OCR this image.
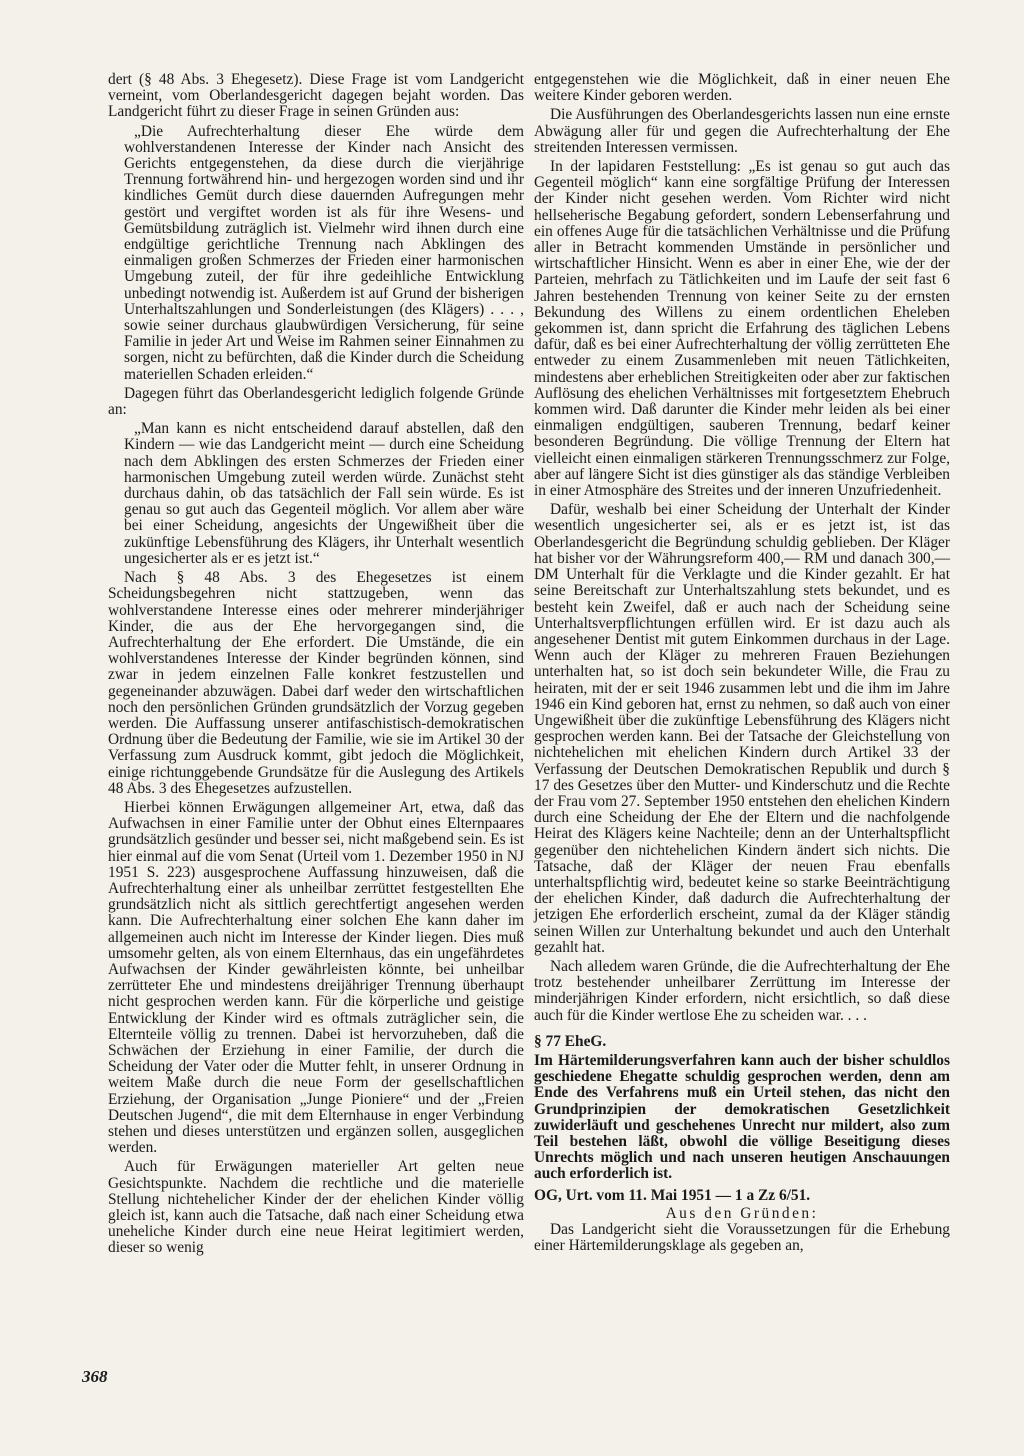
dert (§ 48 Abs. 3 Ehegesetz). Diese Frage ist vom Landgericht verneint, vom Oberlandesgericht dagegen bejaht worden. Das Landgericht führt zu dieser Frage in seinen Gründen aus:

„Die Aufrechterhaltung dieser Ehe würde dem wohlverstandenen Interesse der Kinder nach Ansicht des Gerichts entgegenstehen, da diese durch die vierjährige Trennung fortwährend hin- und hergezogen worden sind und ihr kindliches Gemüt durch diese dauernden Aufregungen mehr gestört und vergiftet worden ist als für ihre Wesens- und Gemütsbildung zuträglich ist. Vielmehr wird ihnen durch eine endgültige gerichtliche Trennung nach Abklingen des einmaligen großen Schmerzes der Frieden einer harmonischen Umgebung zuteil, der für ihre gedeihliche Entwicklung unbedingt notwendig ist. Außerdem ist auf Grund der bisherigen Unterhaltszahlungen und Sonderleistungen (des Klägers) . . . , sowie seiner durchaus glaubwürdigen Versicherung, für seine Familie in jeder Art und Weise im Rahmen seiner Einnahmen zu sorgen, nicht zu befürchten, daß die Kinder durch die Scheidung materiellen Schaden erleiden.“

Dagegen führt das Oberlandesgericht lediglich folgende Gründe an:

„Man kann es nicht entscheidend darauf abstellen, daß den Kindern — wie das Landgericht meint — durch eine Scheidung nach dem Abklingen des ersten Schmerzes der Frieden einer harmonischen Umgebung zuteil werden würde. Zunächst steht durchaus dahin, ob das tatsächlich der Fall sein würde. Es ist genau so gut auch das Gegenteil möglich. Vor allem aber wäre bei einer Scheidung, angesichts der Ungewißheit über die zukünftige Lebensführung des Klägers, ihr Unterhalt wesentlich ungesicherter als er es jetzt ist.“

Nach § 48 Abs. 3 des Ehegesetzes ist einem Scheidungsbegehren nicht stattzugeben, wenn das wohlverstandene Interesse eines oder mehrerer minderjähriger Kinder, die aus der Ehe hervorgegangen sind, die Aufrechterhaltung der Ehe erfordert. Die Umstände, die ein wohlverstandenes Interesse der Kinder begründen können, sind zwar in jedem einzelnen Falle konkret festzustellen und gegeneinander abzuwägen. Dabei darf weder den wirtschaftlichen noch den persönlichen Gründen grundsätzlich der Vorzug gegeben werden. Die Auffassung unserer antifaschistisch-demokratischen Ordnung über die Bedeutung der Familie, wie sie im Artikel 30 der Verfassung zum Ausdruck kommt, gibt jedoch die Möglichkeit, einige richtunggebende Grundsätze für die Auslegung des Artikels 48 Abs. 3 des Ehegesetzes aufzustellen.

Hierbei können Erwägungen allgemeiner Art, etwa, daß das Aufwachsen in einer Familie unter der Obhut eines Elternpaares grundsätzlich gesünder und besser sei, nicht maßgebend sein. Es ist hier einmal auf die vom Senat (Urteil vom 1. Dezember 1950 in NJ 1951 S. 223) ausgesprochene Auffassung hinzuweisen, daß die Aufrechterhaltung einer als unheilbar zerrüttet festgestellten Ehe grundsätzlich nicht als sittlich gerechtfertigt angesehen werden kann. Die Aufrechterhaltung einer solchen Ehe kann daher im allgemeinen auch nicht im Interesse der Kinder liegen. Dies muß umsomehr gelten, als von einem Elternhaus, das ein ungefährdetes Aufwachsen der Kinder gewährleisten könnte, bei unheilbar zerrütteter Ehe und mindestens dreijähriger Trennung überhaupt nicht gesprochen werden kann. Für die körperliche und geistige Entwicklung der Kinder wird es oftmals zuträglicher sein, die Elternteile völlig zu trennen. Dabei ist hervorzuheben, daß die Schwächen der Erziehung in einer Familie, der durch die Scheidung der Vater oder die Mutter fehlt, in unserer Ordnung in weitem Maße durch die neue Form der gesellschaftlichen Erziehung, der Organisation „Junge Pioniere“ und der „Freien Deutschen Jugend“, die mit dem Elternhause in enger Verbindung stehen und dieses unterstützen und ergänzen sollen, ausgeglichen werden.

Auch für Erwägungen materieller Art gelten neue Gesichtspunkte. Nachdem die rechtliche und die materielle Stellung nichtehelicher Kinder der der ehelichen Kinder völlig gleich ist, kann auch die Tatsache, daß nach einer Scheidung etwa uneheliche Kinder durch eine neue Heirat legitimiert werden, dieser so wenig

entgegenstehen wie die Möglichkeit, daß in einer neuen Ehe weitere Kinder geboren werden.

Die Ausführungen des Oberlandesgerichts lassen nun eine ernste Abwägung aller für und gegen die Aufrechterhaltung der Ehe streitenden Interessen vermissen.

In der lapidaren Feststellung: „Es ist genau so gut auch das Gegenteil möglich“ kann eine sorgfältige Prüfung der Interessen der Kinder nicht gesehen werden. Vom Richter wird nicht hellseherische Begabung gefordert, sondern Lebenserfahrung und ein offenes Auge für die tatsächlichen Verhältnisse und die Prüfung aller in Betracht kommenden Umstände in persönlicher und wirtschaftlicher Hinsicht. Wenn es aber in einer Ehe, wie der der Parteien, mehrfach zu Tätlichkeiten und im Laufe der seit fast 6 Jahren bestehenden Trennung von keiner Seite zu der ernsten Bekundung des Willens zu einem ordentlichen Eheleben gekommen ist, dann spricht die Erfahrung des täglichen Lebens dafür, daß es bei einer Aufrechterhaltung der völlig zerrütteten Ehe entweder zu einem Zusammenleben mit neuen Tätlichkeiten, mindestens aber erheblichen Streitigkeiten oder aber zur faktischen Auflösung des ehelichen Verhältnisses mit fortgesetztem Ehebruch kommen wird. Daß darunter die Kinder mehr leiden als bei einer einmaligen endgültigen, sauberen Trennung, bedarf keiner besonderen Begründung. Die völlige Trennung der Eltern hat vielleicht einen einmaligen stärkeren Trennungsschmerz zur Folge, aber auf längere Sicht ist dies günstiger als das ständige Verbleiben in einer Atmosphäre des Streites und der inneren Unzufriedenheit.

Dafür, weshalb bei einer Scheidung der Unterhalt der Kinder wesentlich ungesicherter sei, als er es jetzt ist, ist das Oberlandesgericht die Begründung schuldig geblieben. Der Kläger hat bisher vor der Währungsreform 400,— RM und danach 300,— DM Unterhalt für die Verklagte und die Kinder gezahlt. Er hat seine Bereitschaft zur Unterhaltszahlung stets bekundet, und es besteht kein Zweifel, daß er auch nach der Scheidung seine Unterhaltsverpflichtungen erfüllen wird. Er ist dazu auch als angesehener Dentist mit gutem Einkommen durchaus in der Lage. Wenn auch der Kläger zu mehreren Frauen Beziehungen unterhalten hat, so ist doch sein bekundeter Wille, die Frau zu heiraten, mit der er seit 1946 zusammen lebt und die ihm im Jahre 1946 ein Kind geboren hat, ernst zu nehmen, so daß auch von einer Ungewißheit über die zukünftige Lebensführung des Klägers nicht gesprochen werden kann. Bei der Tatsache der Gleichstellung von nichtehelichen mit ehelichen Kindern durch Artikel 33 der Verfassung der Deutschen Demokratischen Republik und durch § 17 des Gesetzes über den Mutter- und Kinderschutz und die Rechte der Frau vom 27. September 1950 entstehen den ehelichen Kindern durch eine Scheidung der Ehe der Eltern und die nachfolgende Heirat des Klägers keine Nachteile; denn an der Unterhaltspflicht gegenüber den nichtehelichen Kindern ändert sich nichts. Die Tatsache, daß der Kläger der neuen Frau ebenfalls unterhaltspflichtig wird, bedeutet keine so starke Beeinträchtigung der ehelichen Kinder, daß dadurch die Aufrechterhaltung der jetzigen Ehe erforderlich erscheint, zumal da der Kläger ständig seinen Willen zur Unterhaltung bekundet und auch den Unterhalt gezahlt hat.

Nach alledem waren Gründe, die die Aufrechterhaltung der Ehe trotz bestehender unheilbarer Zerrüttung im Interesse der minderjährigen Kinder erfordern, nicht ersichtlich, so daß diese auch für die Kinder wertlose Ehe zu scheiden war. . . .

§ 77 EheG.

Im Härtemilderungsverfahren kann auch der bisher schuldlos geschiedene Ehegatte schuldig gesprochen werden, denn am Ende des Verfahrens muß ein Urteil stehen, das nicht den Grundprinzipien der demokratischen Gesetzlichkeit zuwiderläuft und geschehenes Unrecht nur mildert, also zum Teil bestehen läßt, obwohl die völlige Beseitigung dieses Unrechts möglich und nach unseren heutigen Anschauungen auch erforderlich ist.

OG, Urt. vom 11. Mai 1951 — 1 a Zz 6/51.

Aus den Gründen:

Das Landgericht sieht die Voraussetzungen für die Erhebung einer Härtemilderungsklage als gegeben an,

368
